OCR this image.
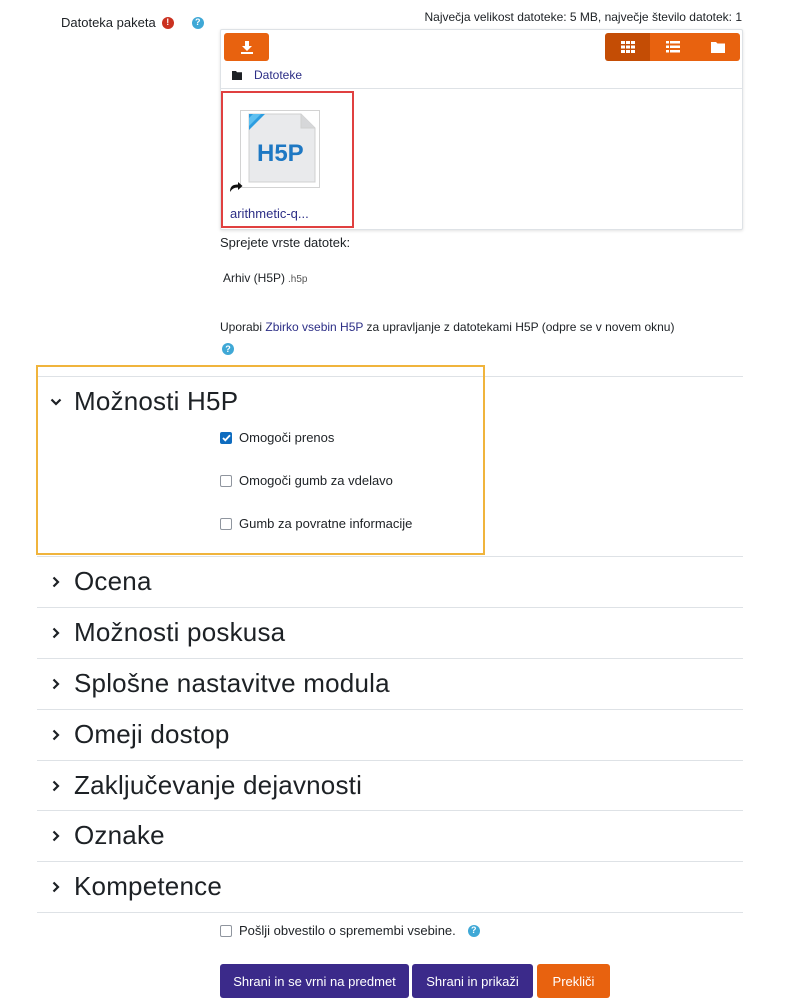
Datoteka paketa	!	?	Največja velikost datoteke: 5 MB, največje število datotek: 1
Datoteke
H5P
arithmetic-q...
Sprejete vrste datotek:
Arhiv (H5P) .h5p
Uporabi Zbirko vsebin H5P za upravljanje z datotekami H5P (odpre se v novem oknu)
?
Možnosti H5P
Omogoči prenos
Omogoči gumb za vdelavo
Gumb za povratne informacije
Ocena
Možnosti poskusa
Splošne nastavitve modula
Omeji dostop
Zaključevanje dejavnosti
Oznake
Kompetence
Pošlji obvestilo o spremembi vsebine.	?
Shrani in se vrni na predmet	Shrani in prikaži	Prekliči
